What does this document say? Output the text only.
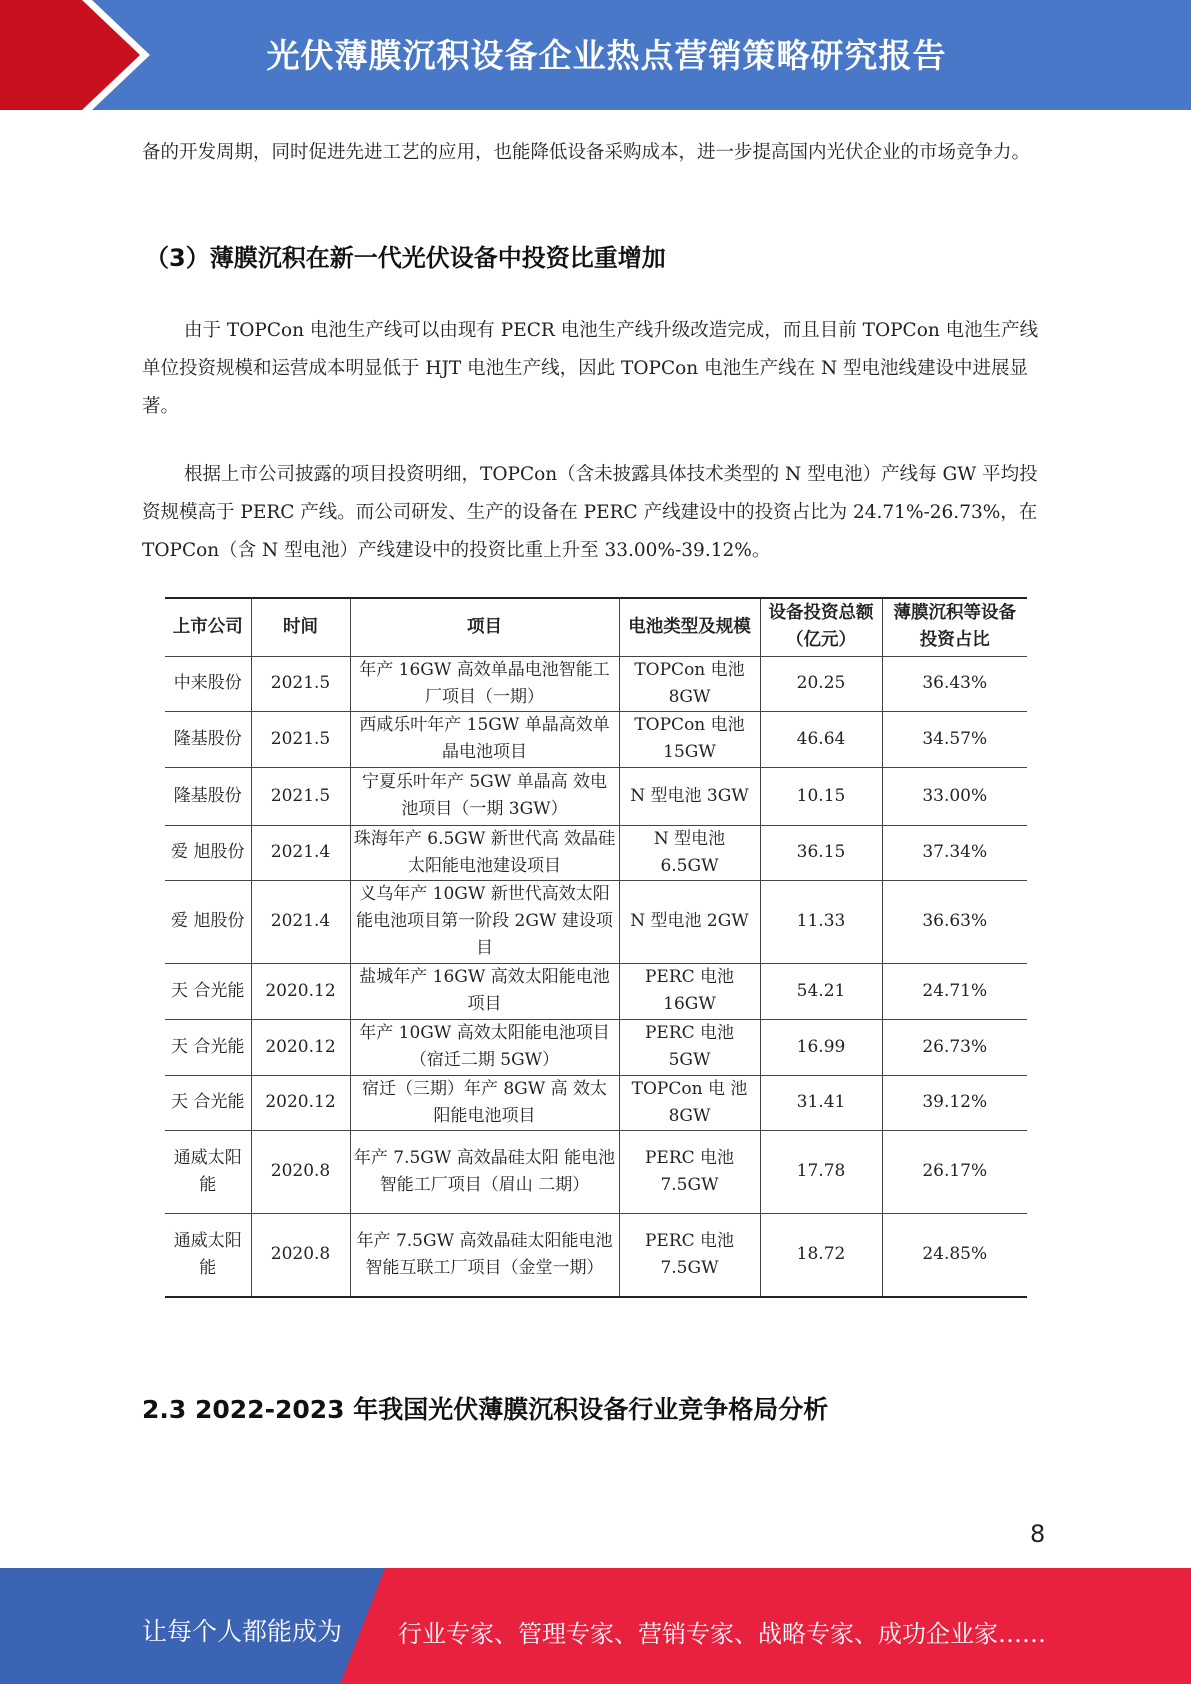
光伏薄膜沉积设备企业热点营销策略研究报告
备的开发周期，同时促进先进工艺的应用，也能降低设备采购成本，进一步提高国内光伏企业的市场竞争力。
（3）薄膜沉积在新一代光伏设备中投资比重增加
由于 TOPCon 电池生产线可以由现有 PECR 电池生产线升级改造完成，而且目前 TOPCon 电池生产线单位投资规模和运营成本明显低于 HJT 电池生产线，因此 TOPCon 电池生产线在 N 型电池线建设中进展显著。
根据上市公司披露的项目投资明细，TOPCon（含未披露具体技术类型的 N 型电池）产线每 GW 平均投资规模高于 PERC 产线。而公司研发、生产的设备在 PERC 产线建设中的投资占比为 24.71%-26.73%，在 TOPCon（含 N 型电池）产线建设中的投资比重上升至 33.00%-39.12%。
上市公司	时间	项目	电池类型及规模	设备投资总额（亿元）	薄膜沉积等设备投资占比
中来股份	2021.5	年产 16GW 高效单晶电池智能工厂项目（一期）	TOPCon 电池 8GW	20.25	36.43%
隆基股份	2021.5	西咸乐叶年产 15GW 单晶高效单晶电池项目	TOPCon 电池 15GW	46.64	34.57%
隆基股份	2021.5	宁夏乐叶年产 5GW 单晶高 效电池项目（一期 3GW）	N 型电池 3GW	10.15	33.00%
爱 旭股份	2021.4	珠海年产 6.5GW 新世代高 效晶硅太阳能电池建设项目	N 型电池 6.5GW	36.15	37.34%
爱 旭股份	2021.4	义乌年产 10GW 新世代高效太阳能电池项目第一阶段 2GW 建设项目	N 型电池 2GW	11.33	36.63%
天 合光能	2020.12	盐城年产 16GW 高效太阳能电池项目	PERC 电池 16GW	54.21	24.71%
天 合光能	2020.12	年产 10GW 高效太阳能电池项目（宿迁二期 5GW）	PERC 电池 5GW	16.99	26.73%
天 合光能	2020.12	宿迁（三期）年产 8GW 高 效太阳能电池项目	TOPCon 电 池 8GW	31.41	39.12%
通威太阳能	2020.8	年产 7.5GW 高效晶硅太阳 能电池智能工厂项目（眉山 二期）	PERC 电池 7.5GW	17.78	26.17%
通威太阳能	2020.8	年产 7.5GW 高效晶硅太阳能电池智能互联工厂项目（金堂一期）	PERC 电池 7.5GW	18.72	24.85%
2.3 2022-2023 年我国光伏薄膜沉积设备行业竞争格局分析
8
让每个人都能成为 行业专家、管理专家、营销专家、战略专家、成功企业家……
